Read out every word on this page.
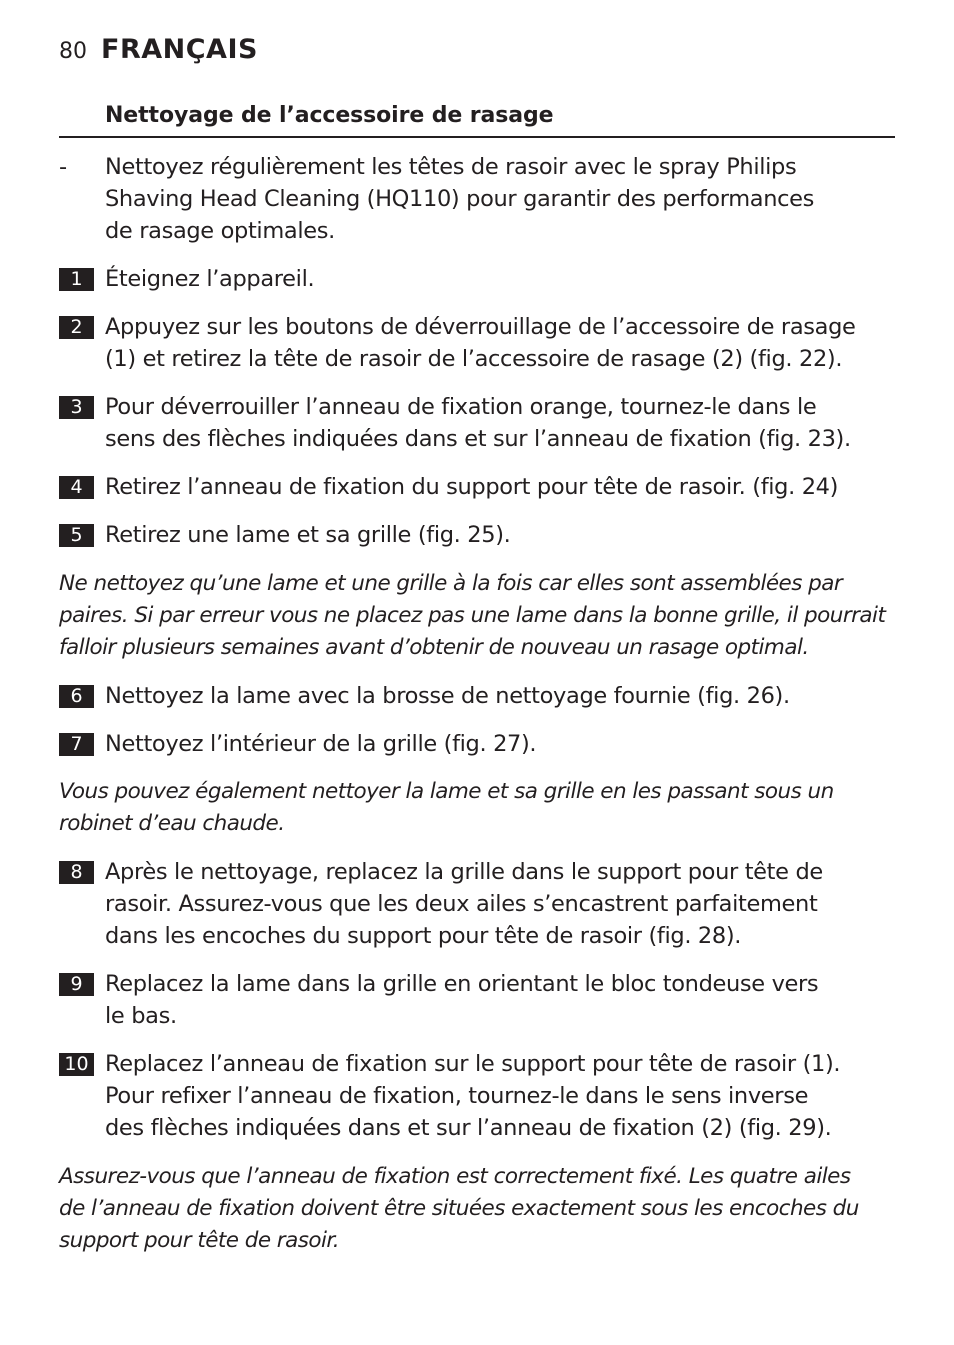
80 FRANÇAIS
Nettoyage de l’accessoire de rasage
-	Nettoyez régulièrement les têtes de rasoir avec le spray Philips
Shaving Head Cleaning (HQ110) pour garantir des performances
de rasage optimales.
1 Éteignez l’appareil.
2 Appuyez sur les boutons de déverrouillage de l’accessoire de rasage
(1) et retirez la tête de rasoir de l’accessoire de rasage (2) (fig. 22).
3 Pour déverrouiller l’anneau de fixation orange, tournez-le dans le
sens des flèches indiquées dans et sur l’anneau de fixation (fig. 23).
4 Retirez l’anneau de fixation du support pour tête de rasoir. (fig. 24)
5 Retirez une lame et sa grille (fig. 25).
Ne nettoyez qu’une lame et une grille à la fois car elles sont assemblées par
paires. Si par erreur vous ne placez pas une lame dans la bonne grille, il pourrait
falloir plusieurs semaines avant d’obtenir de nouveau un rasage optimal.
6 Nettoyez la lame avec la brosse de nettoyage fournie (fig. 26).
7 Nettoyez l’intérieur de la grille (fig. 27).
Vous pouvez également nettoyer la lame et sa grille en les passant sous un
robinet d’eau chaude.
8 Après le nettoyage, replacez la grille dans le support pour tête de
rasoir. Assurez-vous que les deux ailes s’encastrent parfaitement
dans les encoches du support pour tête de rasoir (fig. 28).
9 Replacez la lame dans la grille en orientant le bloc tondeuse vers
le bas.
10 Replacez l’anneau de fixation sur le support pour tête de rasoir (1).
Pour refixer l’anneau de fixation, tournez-le dans le sens inverse
des flèches indiquées dans et sur l’anneau de fixation (2) (fig. 29).
Assurez-vous que l’anneau de fixation est correctement fixé. Les quatre ailes
de l’anneau de fixation doivent être situées exactement sous les encoches du
support pour tête de rasoir.
